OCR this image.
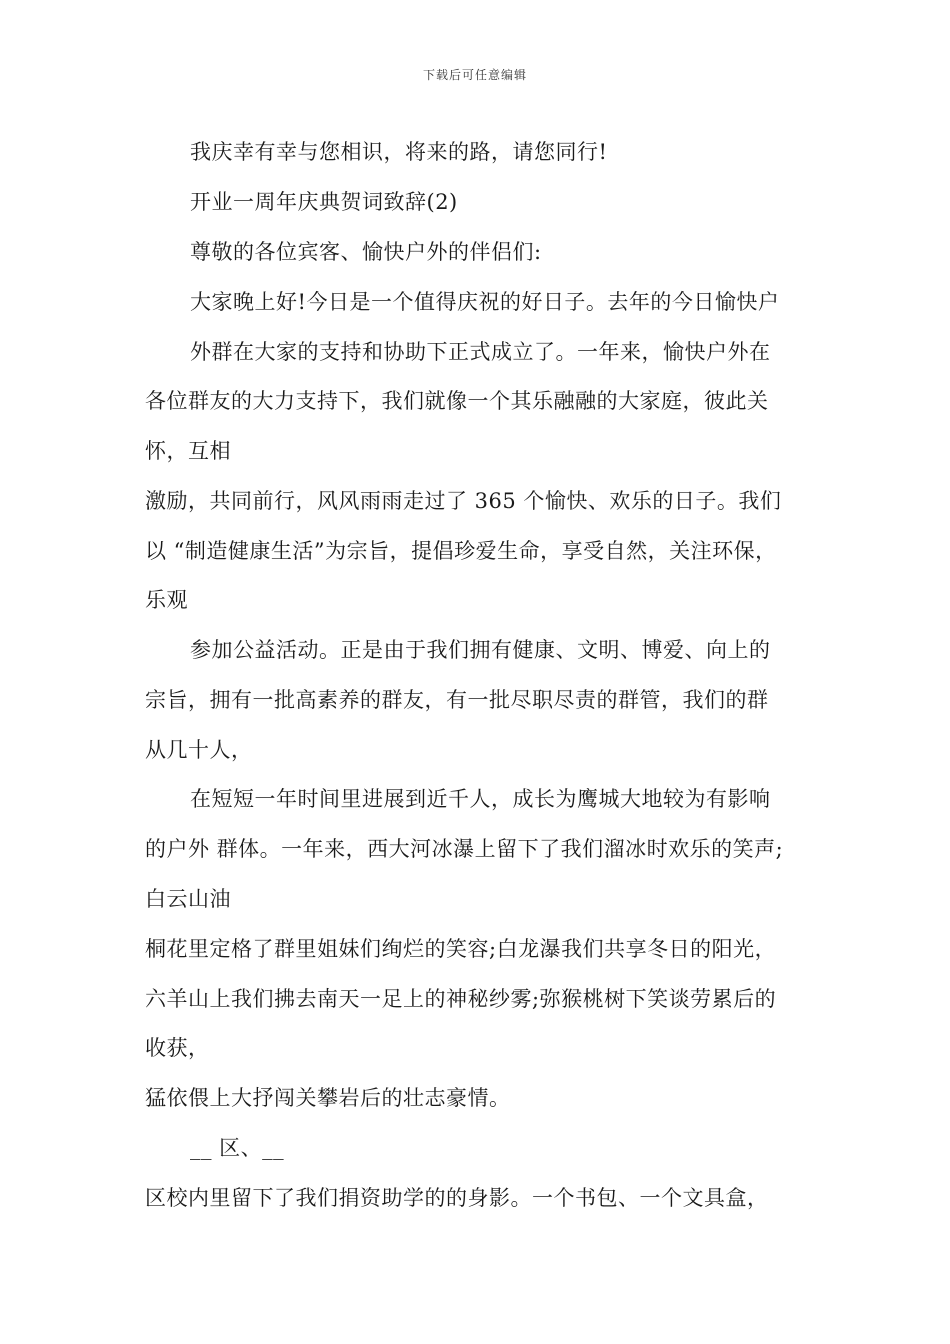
下载后可任意编辑
我庆幸有幸与您相识，将来的路，请您同行!
开业一周年庆典贺词致辞(2)
尊敬的各位宾客、愉快户外的伴侣们:
大家晚上好!今日是一个值得庆祝的好日子。去年的今日愉快户
外群在大家的支持和协助下正式成立了。一年来，愉快户外在
各位群友的大力支持下，我们就像一个其乐融融的大家庭，彼此关
怀，互相
激励，共同前行，风风雨雨走过了 365 个愉快、欢乐的日子。我们
以 “制造健康生活”为宗旨，提倡珍爱生命，享受自然，关注环保，
乐观
参加公益活动。正是由于我们拥有健康、文明、博爱、向上的
宗旨，拥有一批高素养的群友，有一批尽职尽责的群管，我们的群
从几十人，
在短短一年时间里进展到近千人，成长为鹰城大地较为有影响
的户外 群体。一年来，西大河冰瀑上留下了我们溜冰时欢乐的笑声;
白云山油
桐花里定格了群里姐妹们绚烂的笑容;白龙瀑我们共享冬日的阳光，
六羊山上我们拂去南天一足上的神秘纱雾;弥猴桃树下笑谈劳累后的
收获，
猛依偎上大抒闯关攀岩后的壮志豪情。
__ 区、__
区校内里留下了我们捐资助学的的身影。一个书包、一个文具盒，
